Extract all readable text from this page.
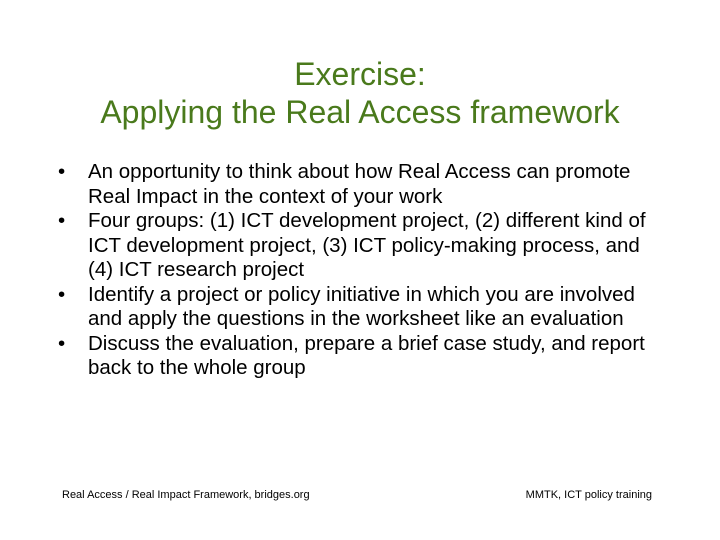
Exercise:
Applying the Real Access framework
• An opportunity to think about how Real Access can promote Real Impact in the context of your work
• Four groups: (1) ICT development project, (2) different kind of ICT development project, (3) ICT policy-making process, and (4) ICT research project
• Identify a project or policy initiative in which you are involved and apply the questions in the worksheet like an evaluation
• Discuss the evaluation, prepare a brief case study, and report back to the whole group
Real Access / Real Impact Framework, bridges.org	MMTK, ICT policy training
